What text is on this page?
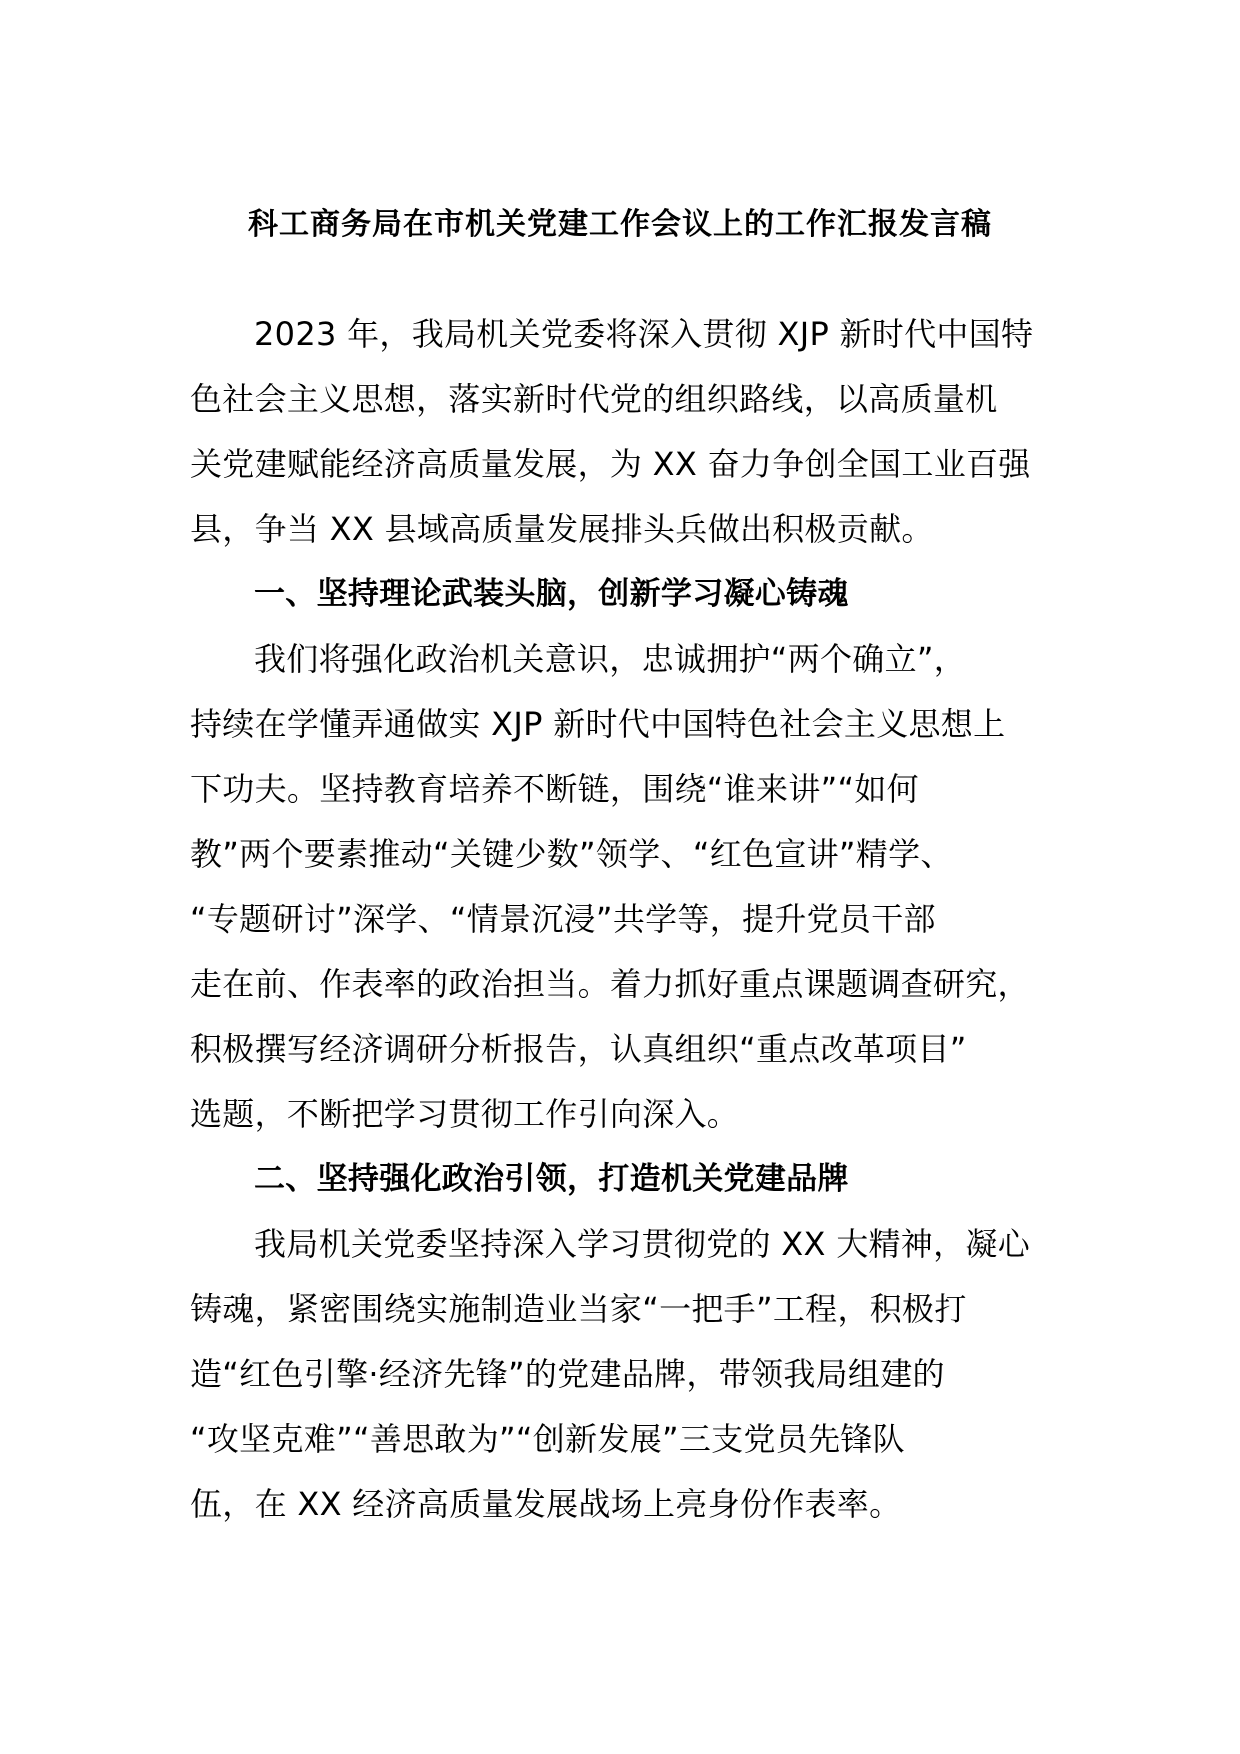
科工商务局在市机关党建工作会议上的工作汇报发言稿
2023 年，我局机关党委将深入贯彻 XJP 新时代中国特
色社会主义思想，落实新时代党的组织路线，以高质量机
关党建赋能经济高质量发展，为 XX 奋力争创全国工业百强
县，争当 XX 县域高质量发展排头兵做出积极贡献。
一、坚持理论武装头脑，创新学习凝心铸魂
我们将强化政治机关意识，忠诚拥护“两个确立”，
持续在学懂弄通做实 XJP 新时代中国特色社会主义思想上
下功夫。坚持教育培养不断链，围绕“谁来讲”“如何
教”两个要素推动“关键少数”领学、“红色宣讲”精学、
“专题研讨”深学、“情景沉浸”共学等，提升党员干部
走在前、作表率的政治担当。着力抓好重点课题调查研究，
积极撰写经济调研分析报告，认真组织“重点改革项目”
选题，不断把学习贯彻工作引向深入。
二、坚持强化政治引领，打造机关党建品牌
我局机关党委坚持深入学习贯彻党的 XX 大精神，凝心
铸魂，紧密围绕实施制造业当家“一把手”工程，积极打
造“红色引擎·经济先锋”的党建品牌，带领我局组建的
“攻坚克难”“善思敢为”“创新发展”三支党员先锋队
伍，在 XX 经济高质量发展战场上亮身份作表率。
